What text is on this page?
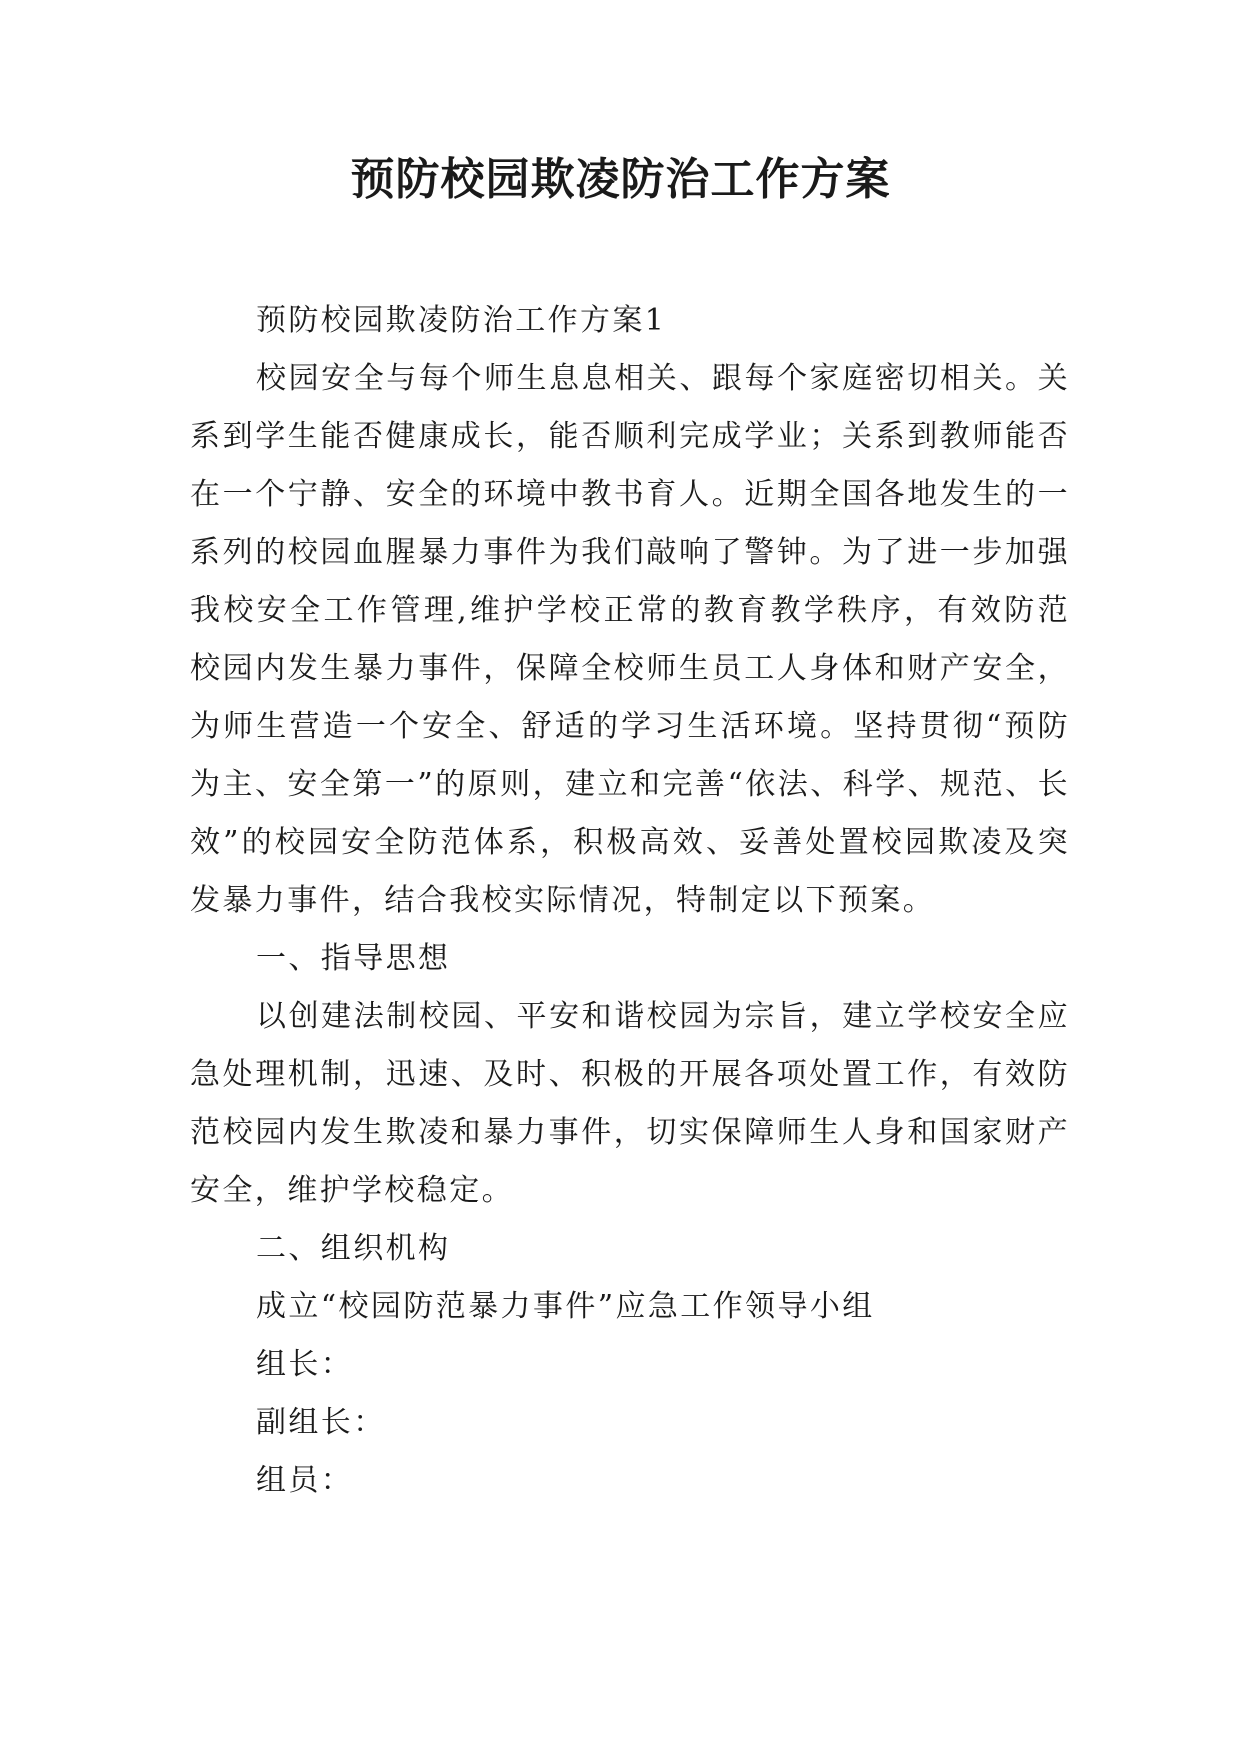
预防校园欺凌防治工作方案

预防校园欺凌防治工作方案1

校园安全与每个师生息息相关、跟每个家庭密切相关。关系到学生能否健康成长，能否顺利完成学业；关系到教师能否在一个宁静、安全的环境中教书育人。近期全国各地发生的一系列的校园血腥暴力事件为我们敲响了警钟。为了进一步加强我校安全工作管理,维护学校正常的教育教学秩序，有效防范校园内发生暴力事件，保障全校师生员工人身体和财产安全，为师生营造一个安全、舒适的学习生活环境。坚持贯彻“预防为主、安全第一”的原则，建立和完善“依法、科学、规范、长效”的校园安全防范体系，积极高效、妥善处置校园欺凌及突发暴力事件，结合我校实际情况，特制定以下预案。

一、指导思想

以创建法制校园、平安和谐校园为宗旨，建立学校安全应急处理机制，迅速、及时、积极的开展各项处置工作，有效防范校园内发生欺凌和暴力事件，切实保障师生人身和国家财产安全，维护学校稳定。

二、组织机构

成立“校园防范暴力事件”应急工作领导小组

组长：

副组长：

组员：
